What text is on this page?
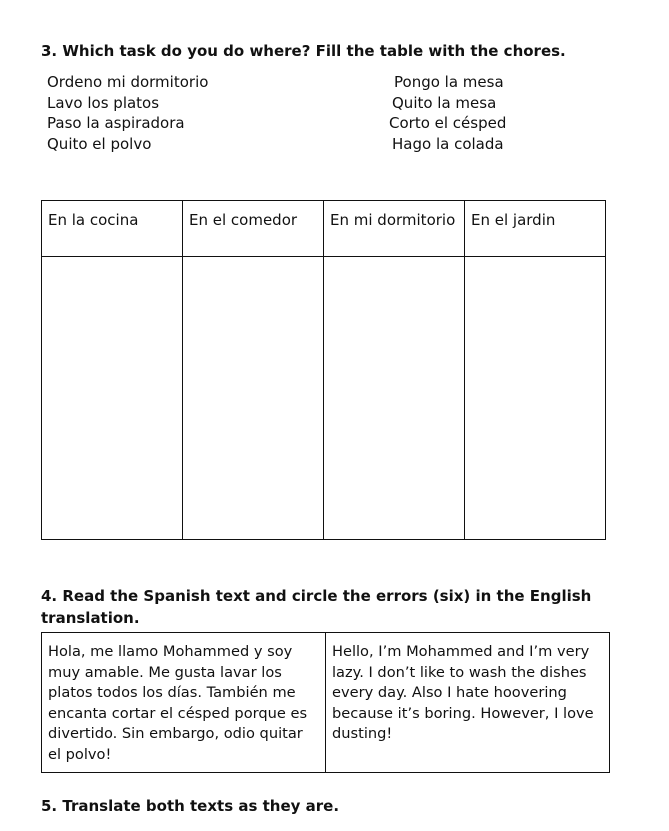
3. Which task do you do where? Fill the table with the chores.
Ordeno mi dormitorio
Lavo los platos
Paso la aspiradora
Quito el polvo
Pongo la mesa
Quito la mesa
Corto el césped
Hago la colada
En la cocina	En el comedor	En mi dormitorio	En el jardin

4. Read the Spanish text and circle the errors (six) in the English translation.
Hola, me llamo Mohammed y soy muy amable. Me gusta lavar los platos todos los días. También me encanta cortar el césped porque es divertido. Sin embargo, odio quitar el polvo!	Hello, I’m Mohammed and I’m very lazy. I don’t like to wash the dishes every day. Also I hate hoovering because it’s boring. However, I love dusting!
5. Translate both texts as they are.
